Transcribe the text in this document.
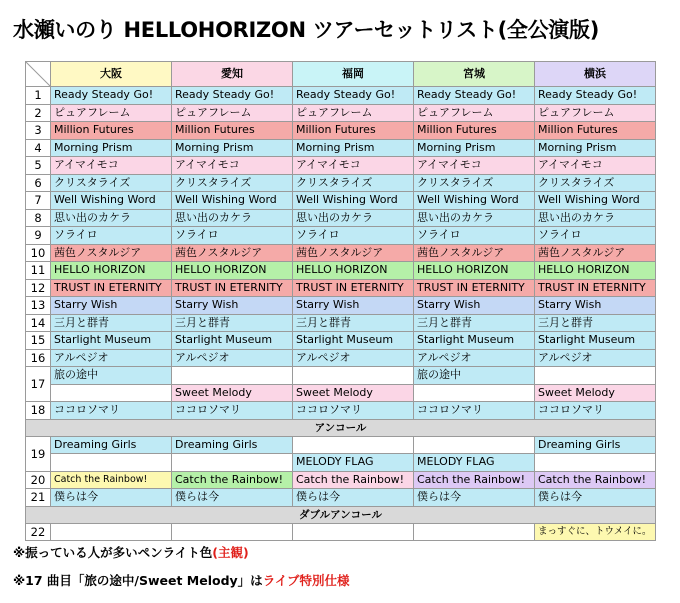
水瀬いのり HELLOHORIZON ツアーセットリスト(全公演版)
	大阪	愛知	福岡	宮城	横浜
1	Ready Steady Go!	Ready Steady Go!	Ready Steady Go!	Ready Steady Go!	Ready Steady Go!
2	ピュアフレーム	ピュアフレーム	ピュアフレーム	ピュアフレーム	ピュアフレーム
3	Million Futures	Million Futures	Million Futures	Million Futures	Million Futures
4	Morning Prism	Morning Prism	Morning Prism	Morning Prism	Morning Prism
5	アイマイモコ	アイマイモコ	アイマイモコ	アイマイモコ	アイマイモコ
6	クリスタライズ	クリスタライズ	クリスタライズ	クリスタライズ	クリスタライズ
7	Well Wishing Word	Well Wishing Word	Well Wishing Word	Well Wishing Word	Well Wishing Word
8	思い出のカケラ	思い出のカケラ	思い出のカケラ	思い出のカケラ	思い出のカケラ
9	ソライロ	ソライロ	ソライロ	ソライロ	ソライロ
10	茜色ノスタルジア	茜色ノスタルジア	茜色ノスタルジア	茜色ノスタルジア	茜色ノスタルジア
11	HELLO HORIZON	HELLO HORIZON	HELLO HORIZON	HELLO HORIZON	HELLO HORIZON
12	TRUST IN ETERNITY	TRUST IN ETERNITY	TRUST IN ETERNITY	TRUST IN ETERNITY	TRUST IN ETERNITY
13	Starry Wish	Starry Wish	Starry Wish	Starry Wish	Starry Wish
14	三月と群青	三月と群青	三月と群青	三月と群青	三月と群青
15	Starlight Museum	Starlight Museum	Starlight Museum	Starlight Museum	Starlight Museum
16	アルペジオ	アルペジオ	アルペジオ	アルペジオ	アルペジオ
17	旅の途中			旅の途中	
		Sweet Melody	Sweet Melody		Sweet Melody
18	ココロソマリ	ココロソマリ	ココロソマリ	ココロソマリ	ココロソマリ
アンコール					
19	Dreaming Girls	Dreaming Girls			Dreaming Girls
			MELODY FLAG	MELODY FLAG	
20	Catch the Rainbow!	Catch the Rainbow!	Catch the Rainbow!	Catch the Rainbow!	Catch the Rainbow!
21	僕らは今	僕らは今	僕らは今	僕らは今	僕らは今
ダブルアンコール					
22					まっすぐに、トウメイに。
※振っている人が多いペンライト色(主観)
※17 曲目「旅の途中/Sweet Melody」はライブ特別仕様
